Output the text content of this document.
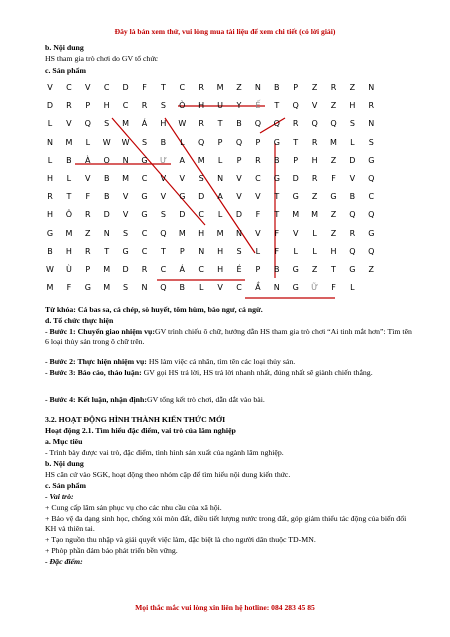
Đây là bản xem thử, vui lòng mua tài liệu để xem chi tiết (có lời giải)
b. Nội dung
HS tham gia trò chơi do GV tổ chức
c. Sản phẩm
V	C	V	C	D	F	T	C	R	M	Z	N	B	P	Z	R	Z	N
D	R	P	H	C	R	S	Ò	H	U	Y	Ế	T	Q	V	Z	H	R
L	V	Q	S	M	Á	H	W	R	T	B	Q	Q	R	Q	Q	S	N
N	M	L	W	W	S	B	L	Q	P	Q	P	G	T	R	M	L	S
L	B	À	O	N	G	Ư	A	M	L	P	R	B	P	H	Z	D	G
H	L	V	B	M	C	V	V	S	N	V	C	G	D	R	F	V	Q
R	T	F	B	V	G	V	G	D	A	V	V	T	G	Z	G	B	C
H	Ô	R	D	V	G	S	D	C	L	D	F	T	M	M	Z	Q	Q
G	M	Z	N	S	C	Q	M	H	M	N	V	F	V	L	Z	R	G
B	H	R	T	G	C	T	P	N	H	S	L	F	L	L	H	Q	Q
W	Ù	P	M	D	R	C	Á	C	H	É	P	B	G	Z	T	G	Z
M	F	G	M	S	N	Q	B	L	V	C	Ầ	N	G	Ữ	F	L
Từ khóa: Cá bas sa, cá chép, sò huyết, tôm hùm, bào ngư, cá ngừ.
d. Tổ chức thực hiện
- Bước 1: Chuyển giao nhiệm vụ:GV trình chiếu ô chữ, hướng dẫn HS tham gia trò chơi “Ai tinh mắt hơn”: Tìm tên 6 loại thủy sản trong ô chữ trên.
- Bước 2: Thực hiện nhiệm vụ: HS làm việc cá nhân, tìm tên các loại thủy sản.
- Bước 3: Báo cáo, thảo luận: GV gọi HS trả lời, HS trả lời nhanh nhất, đúng nhất sẽ giành chiến thắng.
- Bước 4: Kết luận, nhận định:GV tổng kết trò chơi, dẫn dắt vào bài.
3.2. HOẠT ĐỘNG HÌNH THÀNH KIẾN THỨC MỚI
Hoạt động 2.1. Tìm hiểu đặc điểm, vai trò của lâm nghiệp
a. Mục tiêu
- Trình bày được vai trò, đặc điểm, tình hình sản xuất của ngành lâm nghiệp.
b. Nội dung
HS căn cứ vào SGK, hoạt động theo nhóm cặp để tìm hiểu nội dung kiến thức.
c. Sản phẩm
- Vai trò:
+ Cung cấp lâm sản phục vụ cho các nhu cầu của xã hội.
+ Bảo vệ đa dạng sinh học, chống xói mòn đất, điều tiết lượng nước trong đất, góp giảm thiểu tác động của biến đổi KH và thiên tai.
+ Tạo nguồn thu nhập và giải quyết việc làm, đặc biệt là cho người dân thuộc TD-MN.
+ Phòp phần đảm bảo phát triển bền vững.
- Đặc điểm:
Mọi thắc mắc vui lòng xin liên hệ hotline: 084 283 45 85
